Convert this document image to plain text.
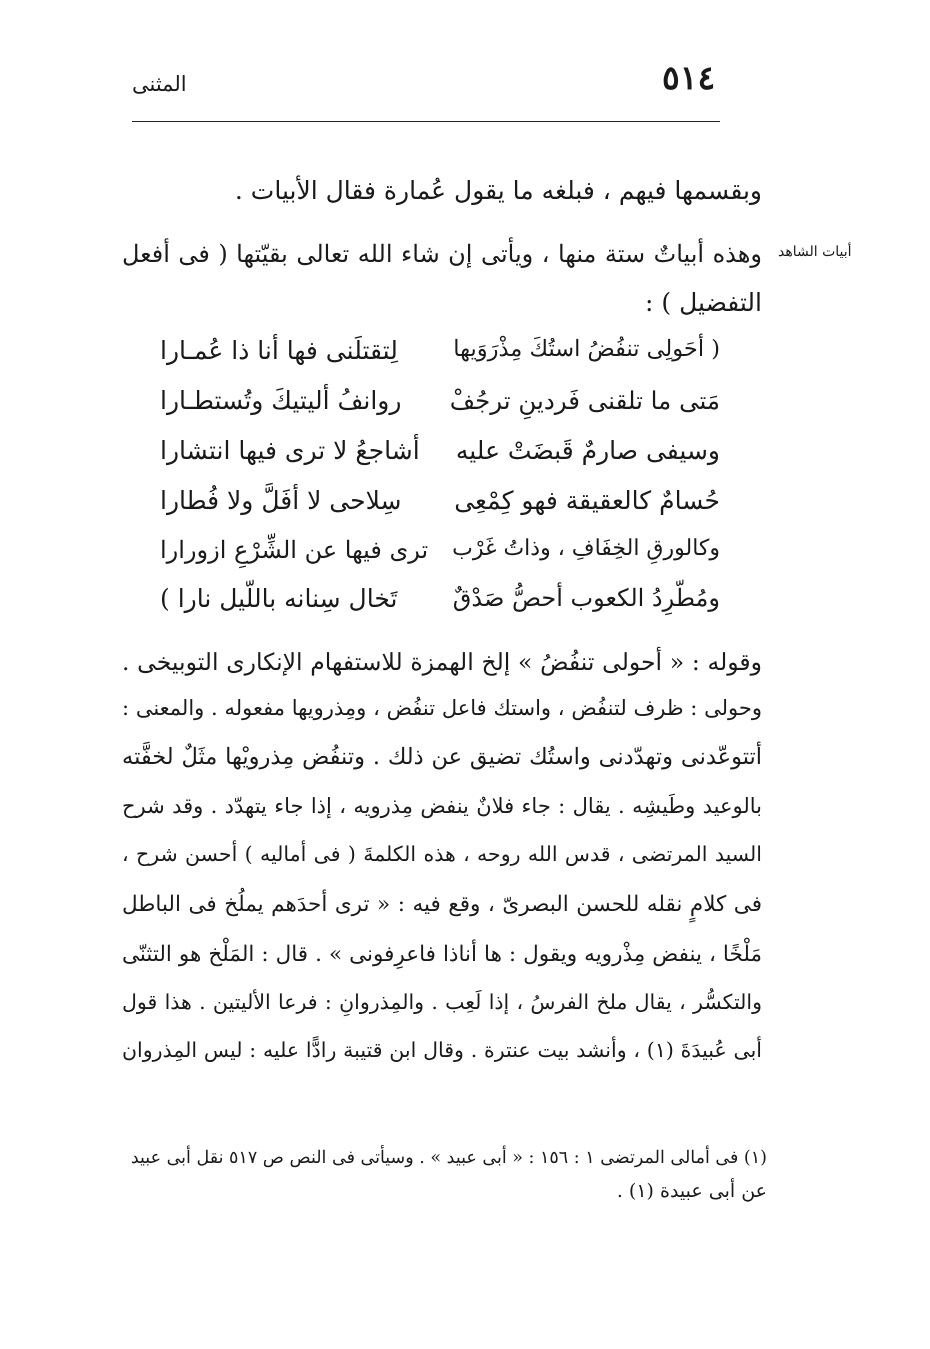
٥١٤
المثنى
أبيات الشاهد
وبقسمها فيهم ، فبلغه ما يقول عُمارة فقال الأبيات .
وهذه أبياتٌ ستة منها ، ويأتى إن شاء الله تعالى بقيّتها ( فى أفعل
التفضيل ) :
( أحَولِى تنفُضُ استُكَ مِذْرَوَيها
لِتقتلَنى فها أنا ذا عُمـارا
مَتى ما تلقنى فَردينِ ترجُفْ
روانفُ أليتيكَ وتُستطـارا
وسيفى صارمٌ قَبضَتْ عليه
أشاجعُ لا ترى فيها انتشارا
حُسامٌ كالعقيقة فهو كِمْعِى
سِلاحى لا أفَلَّ ولا فُطارا
وكالورقِ الخِفَافِ ، وذاتُ غَرْب
ترى فيها عن الشِّرْعِ ازورارا
ومُطّرِدُ الكعوب أحصُّ صَدْقٌ
تَخال سِنانه باللّيل نارا )
وقوله : « أحولى تنفُضُ » إلخ الهمزة للاستفهام الإنكارى التوبيخى .
وحولى : ظرف لتنفُض ، واستك فاعل تنفُض ، ومِذرويها مفعوله . والمعنى :
أتتوعّدنى وتهدّدنى واستُك تضيق عن ذلك . وتنفُض مِذرويْها مثَلٌ لخفَّته
بالوعيد وطَيشِه . يقال : جاء فلانٌ ينفض مِذرويه ، إذا جاء يتهدّد . وقد شرح
السيد المرتضى ، قدس الله روحه ، هذه الكلمةَ ( فى أماليه ) أحسن شرح ،
فى كلامٍ نقله للحسن البصرىّ ، وقع فيه : « ترى أحدَهم يملُخ فى الباطل
مَلْخًا ، ينفض مِذْرويه ويقول : ها أناذا فاعرِفونى » . قال : المَلْخ هو التثنّى
والتكسُّر ، يقال ملخ الفرسُ ، إذا لَعِب . والمِذروانِ : فرعا الأليتين . هذا قول
أبى عُبيدَةَ (١) ، وأنشد بيت عنترة . وقال ابن قتيبة رادًّا عليه : ليس المِذروان
(١) فى أمالى المرتضى ١ : ١٥٦ : « أبى عبيد » . وسيأتى فى النص ص ٥١٧ نقل أبى عبيد
عن أبى عبيدة (١) .
